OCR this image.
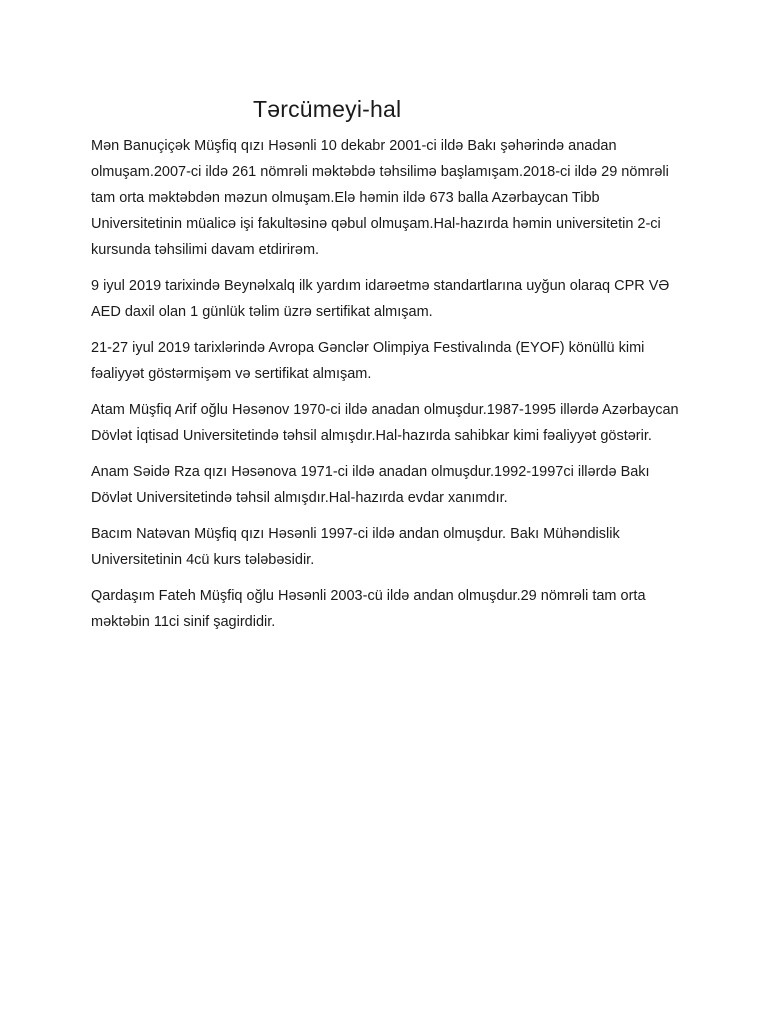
Tərcümeyi-hal

Mən Banuçiçək Müşfiq qızı Həsənli 10 dekabr 2001-ci ildə Bakı şəhərində anadan olmuşam.2007-ci ildə 261 nömrəli məktəbdə təhsilimə başlamışam.2018-ci ildə 29 nömrəli tam orta məktəbdən məzun olmuşam.Elə həmin ildə 673 balla Azərbaycan Tibb Universitetinin müalicə işi fakultəsinə qəbul olmuşam.Hal-hazırda həmin universitetin 2-ci kursunda təhsilimi davam etdirirəm.

9 iyul 2019 tarixində Beynəlxalq ilk yardım idarəetmə standartlarına uyğun olaraq CPR VƏ AED daxil olan 1 günlük təlim üzrə sertifikat almışam.

21-27 iyul 2019 tarixlərində Avropa Gənclər Olimpiya Festivalında (EYOF) könüllü kimi fəaliyyət göstərmişəm və sertifikat almışam.

Atam Müşfiq Arif oğlu Həsənov 1970-ci ildə anadan olmuşdur.1987-1995 illərdə Azərbaycan Dövlət İqtisad Universitetində təhsil almışdır.Hal-hazırda sahibkar kimi fəaliyyət göstərir.

Anam Səidə Rza qızı Həsənova 1971-ci ildə anadan olmuşdur.1992-1997ci illərdə Bakı Dövlət Universitetində təhsil almışdır.Hal-hazırda evdar xanımdır.

Bacım Natəvan Müşfiq qızı Həsənli 1997-ci ildə andan olmuşdur. Bakı Mühəndislik Universitetinin 4cü kurs tələbəsidir.

Qardaşım Fateh Müşfiq oğlu Həsənli 2003-cü ildə andan olmuşdur.29 nömrəli tam orta məktəbin 11ci sinif şagirdidir.
